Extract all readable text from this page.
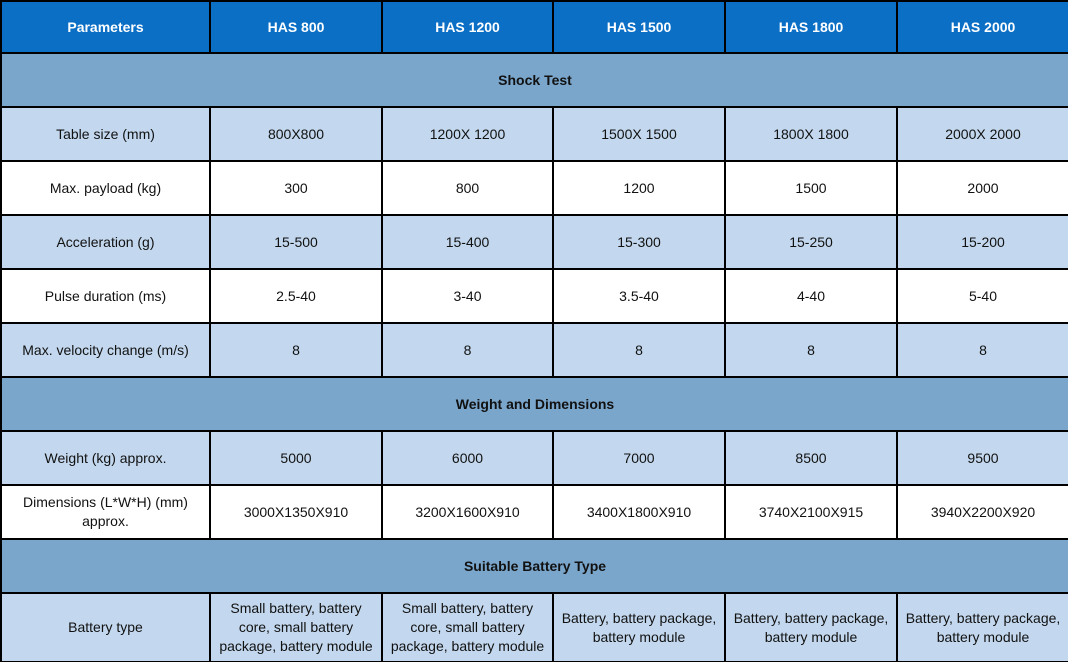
Parameters	HAS 800	HAS 1200	HAS 1500	HAS 1800	HAS 2000
Shock Test					
Table size (mm)	800X800	1200X 1200	1500X 1500	1800X 1800	2000X 2000
Max. payload (kg)	300	800	1200	1500	2000
Acceleration (g)	15-500	15-400	15-300	15-250	15-200
Pulse duration (ms)	2.5-40	3-40	3.5-40	4-40	5-40
Max. velocity change (m/s)	8	8	8	8	8
Weight and Dimensions					
Weight (kg) approx.	5000	6000	7000	8500	9500
Dimensions (L*W*H) (mm) approx.	3000X1350X910	3200X1600X910	3400X1800X910	3740X2100X915	3940X2200X920
Suitable Battery Type					
Battery type	Small battery, battery core, small battery package, battery module	Small battery, battery core, small battery package, battery module	Battery, battery package, battery module	Battery, battery package, battery module	Battery, battery package, battery module
